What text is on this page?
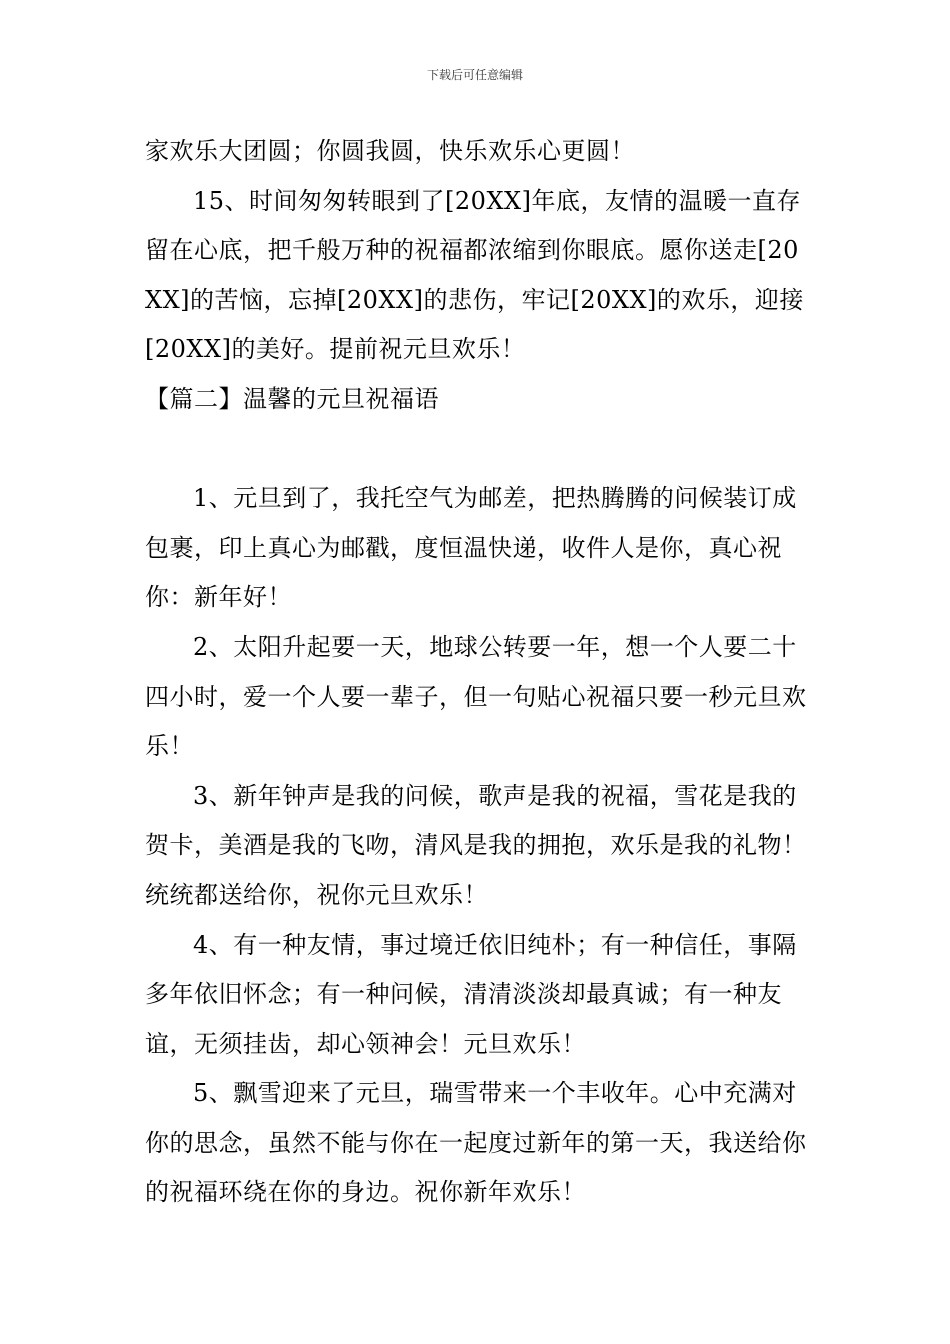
下载后可任意编辑

家欢乐大团圆；你圆我圆，快乐欢乐心更圆！

15、时间匆匆转眼到了[20XX]年底，友情的温暖一直存留在心底，把千般万种的祝福都浓缩到你眼底。愿你送走[20XX]的苦恼，忘掉[20XX]的悲伤，牢记[20XX]的欢乐，迎接[20XX]的美好。提前祝元旦欢乐！

【篇二】温馨的元旦祝福语

1、元旦到了，我托空气为邮差，把热腾腾的问候装订成包裹，印上真心为邮戳，度恒温快递，收件人是你，真心祝你：新年好！

2、太阳升起要一天，地球公转要一年，想一个人要二十四小时，爱一个人要一辈子，但一句贴心祝福只要一秒元旦欢乐！

3、新年钟声是我的问候，歌声是我的祝福，雪花是我的贺卡，美酒是我的飞吻，清风是我的拥抱，欢乐是我的礼物！统统都送给你，祝你元旦欢乐！

4、有一种友情，事过境迁依旧纯朴；有一种信任，事隔多年依旧怀念；有一种问候，清清淡淡却最真诚；有一种友谊，无须挂齿，却心领神会！元旦欢乐！

5、飘雪迎来了元旦，瑞雪带来一个丰收年。心中充满对你的思念，虽然不能与你在一起度过新年的第一天，我送给你的祝福环绕在你的身边。祝你新年欢乐！
